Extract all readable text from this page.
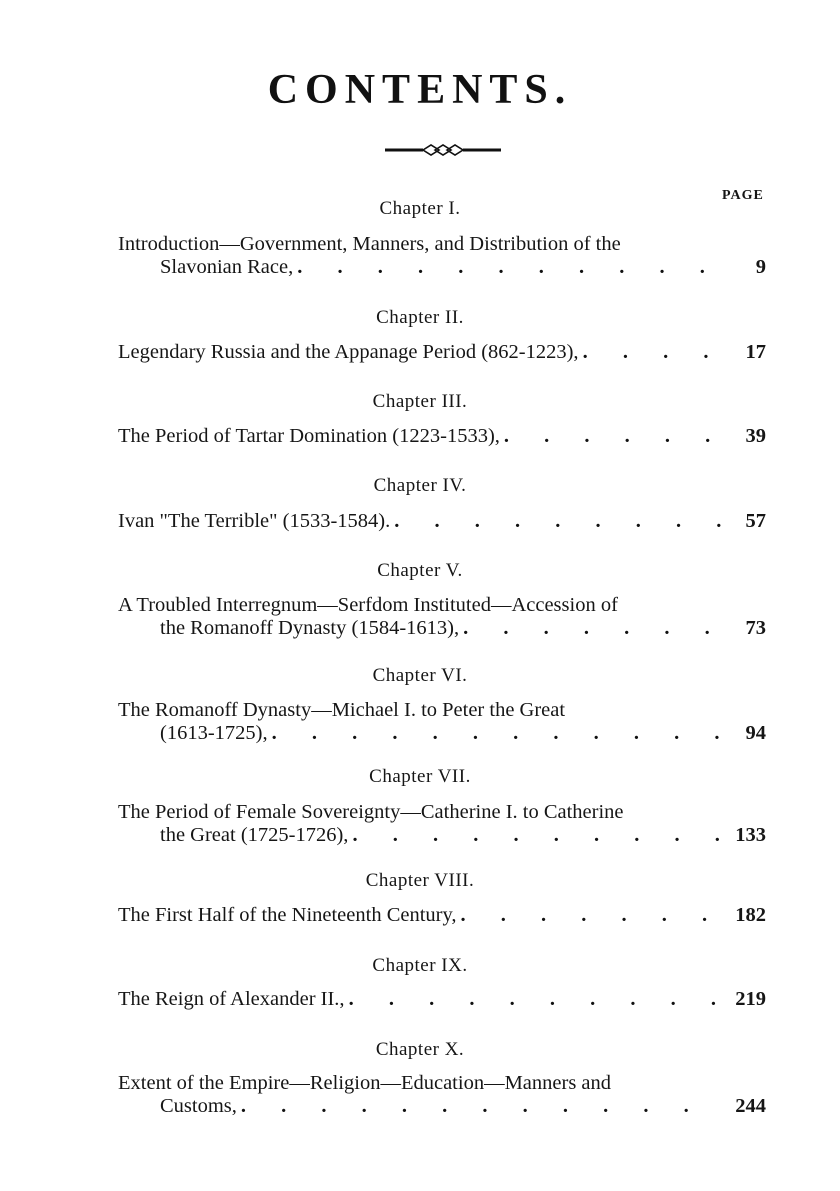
CONTENTS.
PAGE
Chapter I.
Introduction—Government, Manners, and Distribution of the
Slavonian Race, . . .	9
Chapter II.
Legendary Russia and the Appanage Period (862-1223), . . .	17
Chapter III.
The Period of Tartar Domination (1223-1533), . . .	39
Chapter IV.
Ivan "The Terrible" (1533-1584). . . .	57
Chapter V.
A Troubled Interregnum—Serfdom Instituted—Accession of
the Romanoff Dynasty (1584-1613), . . .	73
Chapter VI.
The Romanoff Dynasty—Michael I. to Peter the Great
(1613-1725), . . .	94
Chapter VII.
The Period of Female Sovereignty—Catherine I. to Catherine
the Great (1725-1726), . . .	133
Chapter VIII.
The First Half of the Nineteenth Century, . . .	182
Chapter IX.
The Reign of Alexander II., . . .	219
Chapter X.
Extent of the Empire—Religion—Education—Manners and
Customs, . . .	244
